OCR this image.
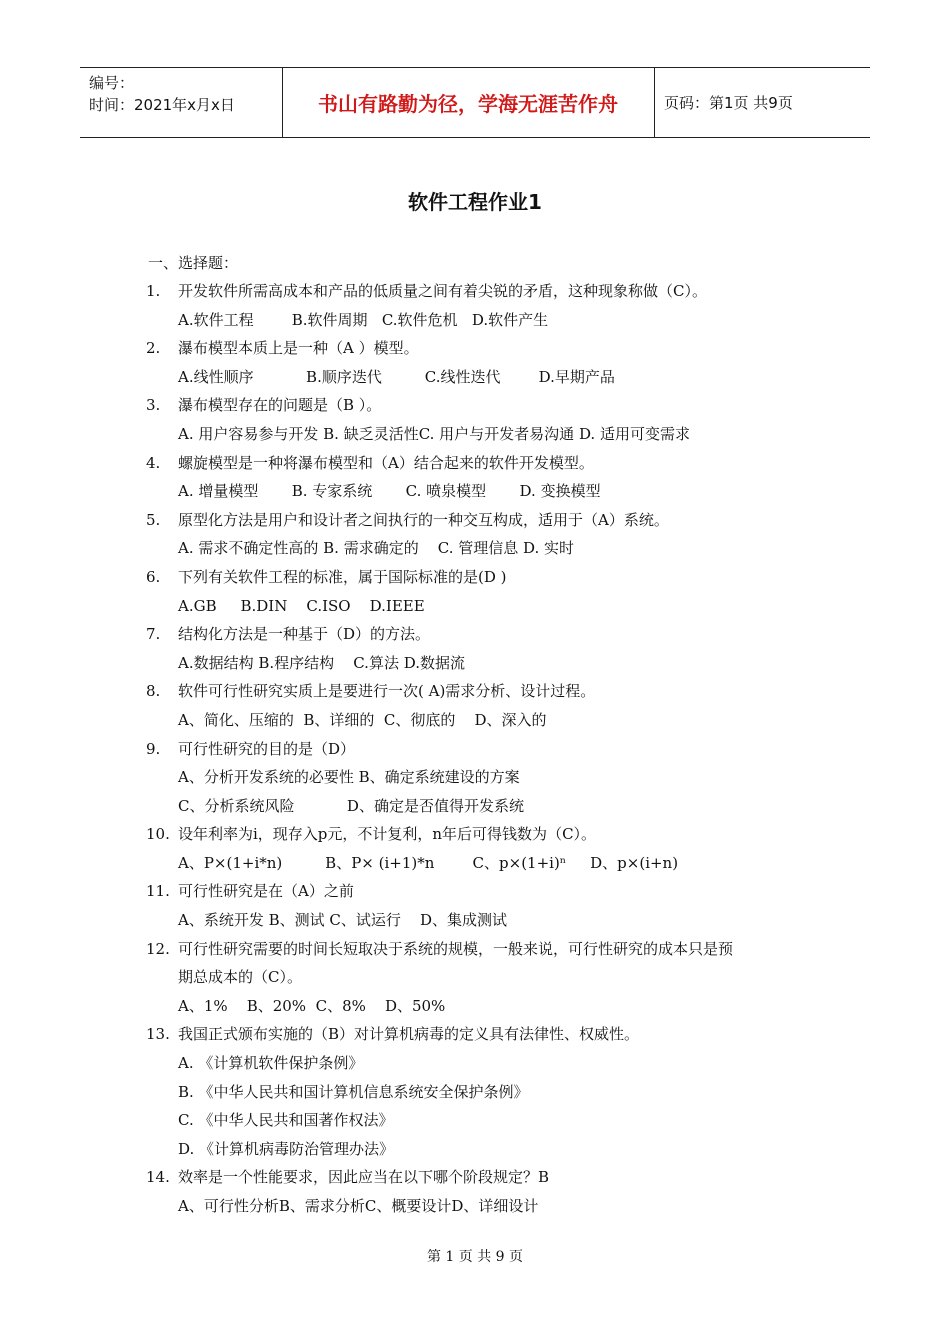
编号：
时间：2021年x月x日	书山有路勤为径，学海无涯苦作舟	页码：第1页 共9页
软件工程作业1
一、选择题：
1. 开发软件所需高成本和产品的低质量之间有着尖锐的矛盾，这种现象称做（C）。
A.软件工程        B.软件周期   C.软件危机   D.软件产生
2. 瀑布模型本质上是一种（A ）模型。
A.线性顺序           B.顺序迭代         C.线性迭代        D.早期产品
3. 瀑布模型存在的问题是（B ）。
A. 用户容易参与开发 B. 缺乏灵活性C. 用户与开发者易沟通 D. 适用可变需求
4. 螺旋模型是一种将瀑布模型和（A）结合起来的软件开发模型。
A. 增量模型       B. 专家系统       C. 喷泉模型       D. 变换模型
5. 原型化方法是用户和设计者之间执行的一种交互构成，适用于（A）系统。
A. 需求不确定性高的 B. 需求确定的    C. 管理信息 D. 实时
6. 下列有关软件工程的标准，属于国际标准的是(D )
A.GB     B.DIN    C.ISO    D.IEEE
7. 结构化方法是一种基于（D）的方法。
A.数据结构 B.程序结构    C.算法 D.数据流
8. 软件可行性研究实质上是要进行一次( A)需求分析、设计过程。
A、简化、压缩的  B、详细的  C、彻底的    D、深入的
9. 可行性研究的目的是（D）
A、分析开发系统的必要性 B、确定系统建设的方案
C、分析系统风险           D、确定是否值得开发系统
10. 设年利率为i，现存入p元，不计复利，n年后可得钱数为（C）。
A、P×(1+i*n)         B、P× (i+1)*n        C、p×(1+i)ⁿ     D、p×(i+n)
11. 可行性研究是在（A）之前
A、系统开发 B、测试 C、试运行    D、集成测试
12. 可行性研究需要的时间长短取决于系统的规模，一般来说，可行性研究的成本只是预
期总成本的（C）。
A、1%    B、20%  C、8%    D、50%
13. 我国正式颁布实施的（B）对计算机病毒的定义具有法律性、权威性。
A. 《计算机软件保护条例》
B. 《中华人民共和国计算机信息系统安全保护条例》
C. 《中华人民共和国著作权法》
D. 《计算机病毒防治管理办法》
14. 效率是一个性能要求，因此应当在以下哪个阶段规定？B
A、可行性分析B、需求分析C、概要设计D、详细设计
第 1 页 共 9 页
